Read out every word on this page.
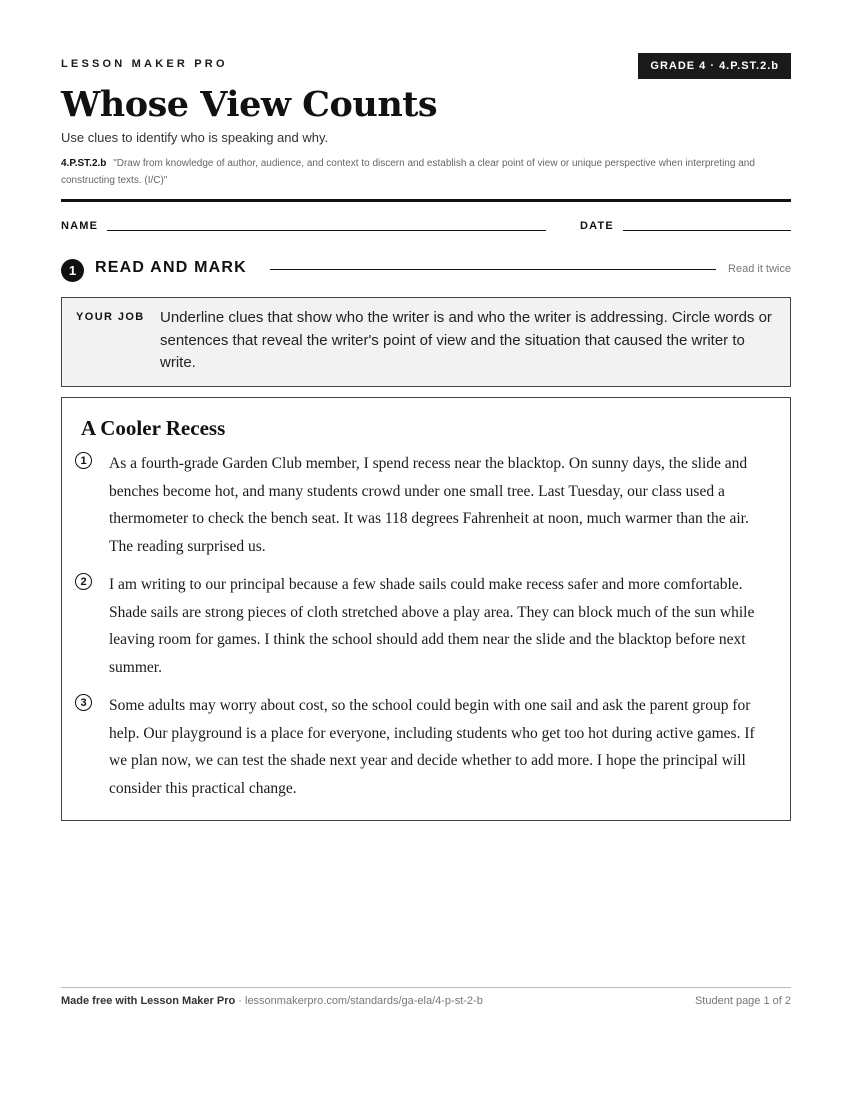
LESSON MAKER PRO	GRADE 4 · 4.P.ST.2.b
Whose View Counts
Use clues to identify who is speaking and why.
4.P.ST.2.b "Draw from knowledge of author, audience, and context to discern and establish a clear point of view or unique perspective when interpreting and constructing texts. (I/C)"
NAME	DATE
1	READ AND MARK	Read it twice
YOUR JOB Underline clues that show who the writer is and who the writer is addressing. Circle words or sentences that reveal the writer's point of view and the situation that caused the writer to write.
A Cooler Recess
1	As a fourth-grade Garden Club member, I spend recess near the blacktop. On sunny days, the slide and benches become hot, and many students crowd under one small tree. Last Tuesday, our class used a thermometer to check the bench seat. It was 118 degrees Fahrenheit at noon, much warmer than the air. The reading surprised us.
2	I am writing to our principal because a few shade sails could make recess safer and more comfortable. Shade sails are strong pieces of cloth stretched above a play area. They can block much of the sun while leaving room for games. I think the school should add them near the slide and the blacktop before next summer.
3	Some adults may worry about cost, so the school could begin with one sail and ask the parent group for help. Our playground is a place for everyone, including students who get too hot during active games. If we plan now, we can test the shade next year and decide whether to add more. I hope the principal will consider this practical change.
Made free with Lesson Maker Pro · lessonmakerpro.com/standards/ga-ela/4-p-st-2-b	Student page 1 of 2
